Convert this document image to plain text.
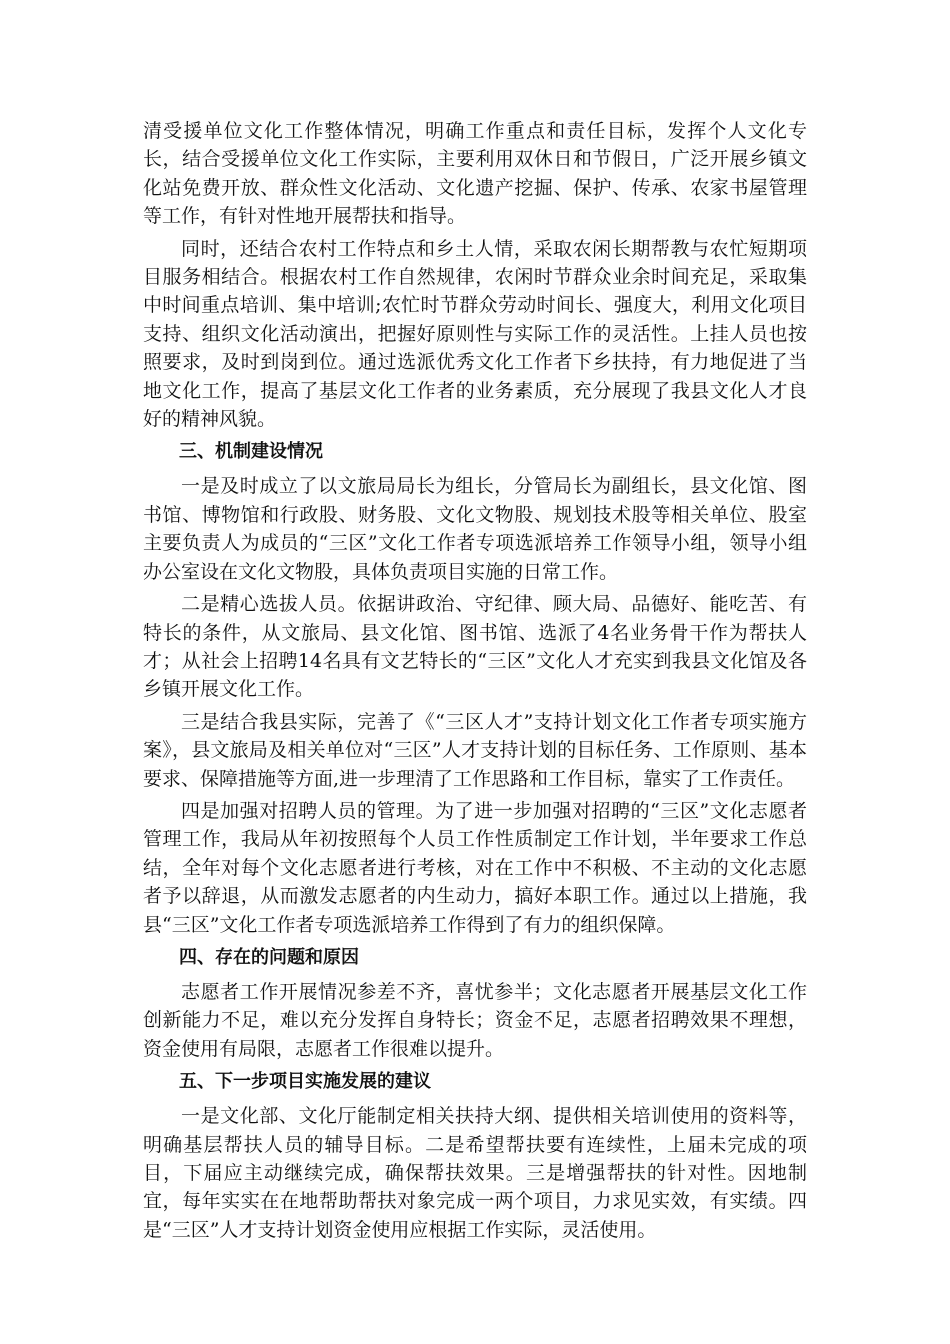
清受援单位文化工作整体情况，明确工作重点和责任目标，发挥个人文化专长，结合受援单位文化工作实际，主要利用双休日和节假日，广泛开展乡镇文化站免费开放、群众性文化活动、文化遗产挖掘、保护、传承、农家书屋管理等工作，有针对性地开展帮扶和指导。

同时，还结合农村工作特点和乡土人情，采取农闲长期帮教与农忙短期项目服务相结合。根据农村工作自然规律，农闲时节群众业余时间充足，采取集中时间重点培训、集中培训;农忙时节群众劳动时间长、强度大，利用文化项目支持、组织文化活动演出，把握好原则性与实际工作的灵活性。上挂人员也按照要求，及时到岗到位。通过选派优秀文化工作者下乡扶持，有力地促进了当地文化工作，提高了基层文化工作者的业务素质，充分展现了我县文化人才良好的精神风貌。

三、机制建设情况

一是及时成立了以文旅局局长为组长，分管局长为副组长，县文化馆、图书馆、博物馆和行政股、财务股、文化文物股、规划技术股等相关单位、股室主要负责人为成员的“三区”文化工作者专项选派培养工作领导小组，领导小组办公室设在文化文物股，具体负责项目实施的日常工作。

二是精心选拔人员。依据讲政治、守纪律、顾大局、品德好、能吃苦、有特长的条件，从文旅局、县文化馆、图书馆、选派了4名业务骨干作为帮扶人才；从社会上招聘14名具有文艺特长的“三区”文化人才充实到我县文化馆及各乡镇开展文化工作。

三是结合我县实际，完善了《“三区人才”支持计划文化工作者专项实施方案》，县文旅局及相关单位对“三区”人才支持计划的目标任务、工作原则、基本要求、保障措施等方面,进一步理清了工作思路和工作目标，靠实了工作责任。

四是加强对招聘人员的管理。为了进一步加强对招聘的“三区”文化志愿者管理工作，我局从年初按照每个人员工作性质制定工作计划，半年要求工作总结，全年对每个文化志愿者进行考核，对在工作中不积极、不主动的文化志愿者予以辞退，从而激发志愿者的内生动力，搞好本职工作。通过以上措施，我县“三区”文化工作者专项选派培养工作得到了有力的组织保障。

四、存在的问题和原因

志愿者工作开展情况参差不齐，喜忧参半；文化志愿者开展基层文化工作创新能力不足，难以充分发挥自身特长；资金不足，志愿者招聘效果不理想，资金使用有局限，志愿者工作很难以提升。

五、下一步项目实施发展的建议

一是文化部、文化厅能制定相关扶持大纲、提供相关培训使用的资料等，明确基层帮扶人员的辅导目标。二是希望帮扶要有连续性，上届未完成的项目，下届应主动继续完成，确保帮扶效果。三是增强帮扶的针对性。因地制宜，每年实实在在地帮助帮扶对象完成一两个项目，力求见实效，有实绩。四是“三区”人才支持计划资金使用应根据工作实际，灵活使用。
